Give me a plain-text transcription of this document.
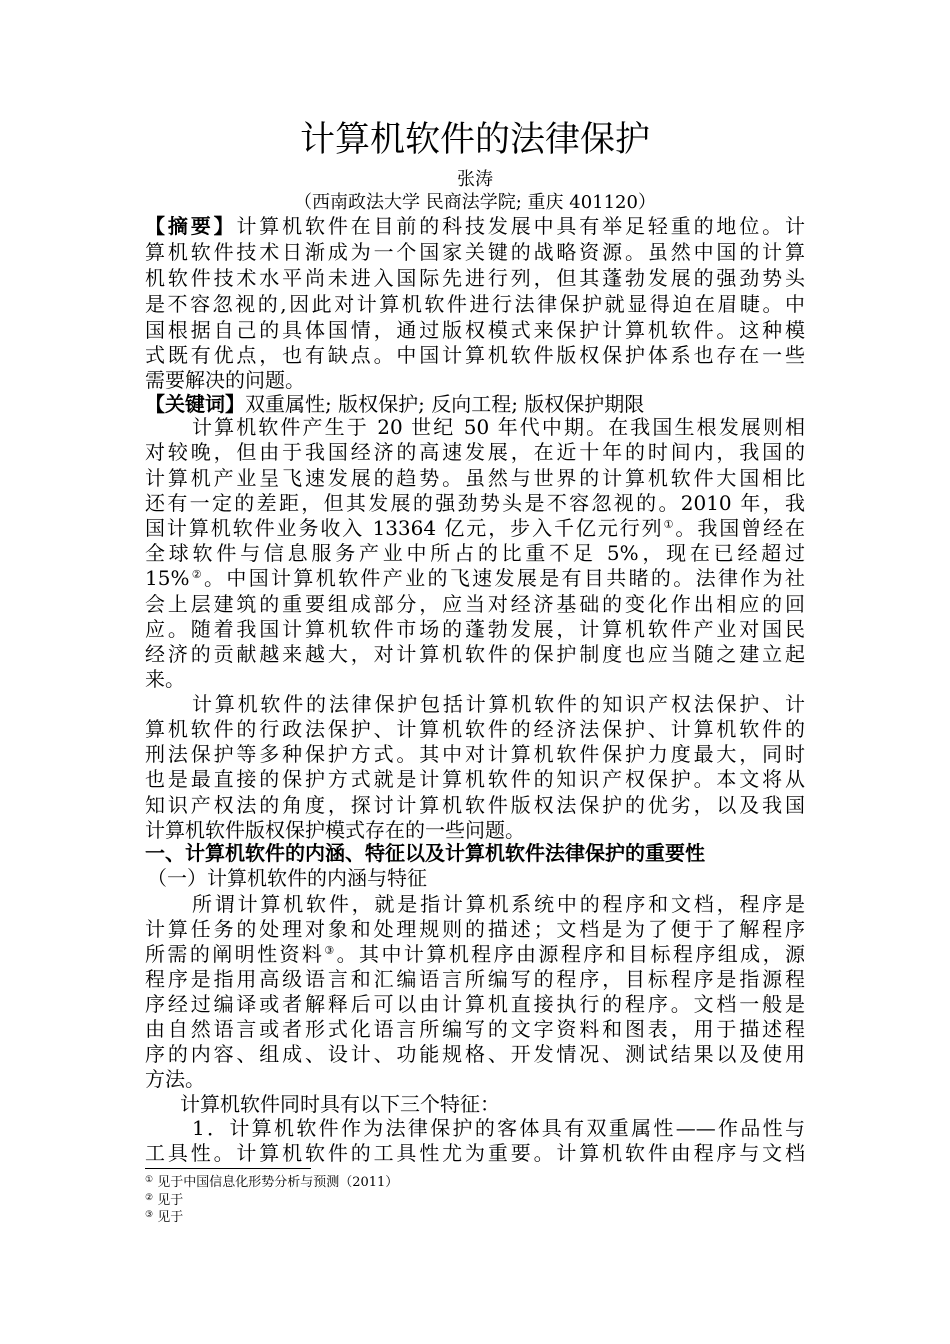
计算机软件的法律保护
张涛
（西南政法大学 民商法学院; 重庆 401120）
【摘要】计算机软件在目前的科技发展中具有举足轻重的地位。计
算机软件技术日渐成为一个国家关键的战略资源。虽然中国的计算
机软件技术水平尚未进入国际先进行列，但其蓬勃发展的强劲势头
是不容忽视的,因此对计算机软件进行法律保护就显得迫在眉睫。中
国根据自己的具体国情，通过版权模式来保护计算机软件。这种模
式既有优点，也有缺点。中国计算机软件版权保护体系也存在一些
需要解决的问题。
【关键词】双重属性; 版权保护; 反向工程; 版权保护期限
计算机软件产生于 20 世纪 50 年代中期。在我国生根发展则相
对较晚，但由于我国经济的高速发展，在近十年的时间内，我国的
计算机产业呈飞速发展的趋势。虽然与世界的计算机软件大国相比
还有一定的差距，但其发展的强劲势头是不容忽视的。2010 年，我
国计算机软件业务收入 13364 亿元，步入千亿元行列①。我国曾经在
全球软件与信息服务产业中所占的比重不足 5%，现在已经超过
15%②。中国计算机软件产业的飞速发展是有目共睹的。法律作为社
会上层建筑的重要组成部分，应当对经济基础的变化作出相应的回
应。随着我国计算机软件市场的蓬勃发展，计算机软件产业对国民
经济的贡献越来越大，对计算机软件的保护制度也应当随之建立起
来。
计算机软件的法律保护包括计算机软件的知识产权法保护、计
算机软件的行政法保护、计算机软件的经济法保护、计算机软件的
刑法保护等多种保护方式。其中对计算机软件保护力度最大，同时
也是最直接的保护方式就是计算机软件的知识产权保护。本文将从
知识产权法的角度，探讨计算机软件版权法保护的优劣，以及我国
计算机软件版权保护模式存在的一些问题。
一、计算机软件的内涵、特征以及计算机软件法律保护的重要性
（一）计算机软件的内涵与特征
所谓计算机软件，就是指计算机系统中的程序和文档，程序是
计算任务的处理对象和处理规则的描述；文档是为了便于了解程序
所需的阐明性资料③。其中计算机程序由源程序和目标程序组成，源
程序是指用高级语言和汇编语言所编写的程序，目标程序是指源程
序经过编译或者解释后可以由计算机直接执行的程序。文档一般是
由自然语言或者形式化语言所编写的文字资料和图表，用于描述程
序的内容、组成、设计、功能规格、开发情况、测试结果以及使用
方法。
计算机软件同时具有以下三个特征：
1．计算机软件作为法律保护的客体具有双重属性——作品性与
工具性。计算机软件的工具性尤为重要。计算机软件由程序与文档
① 见于中国信息化形势分析与预测（2011）
② 见于
③ 见于
